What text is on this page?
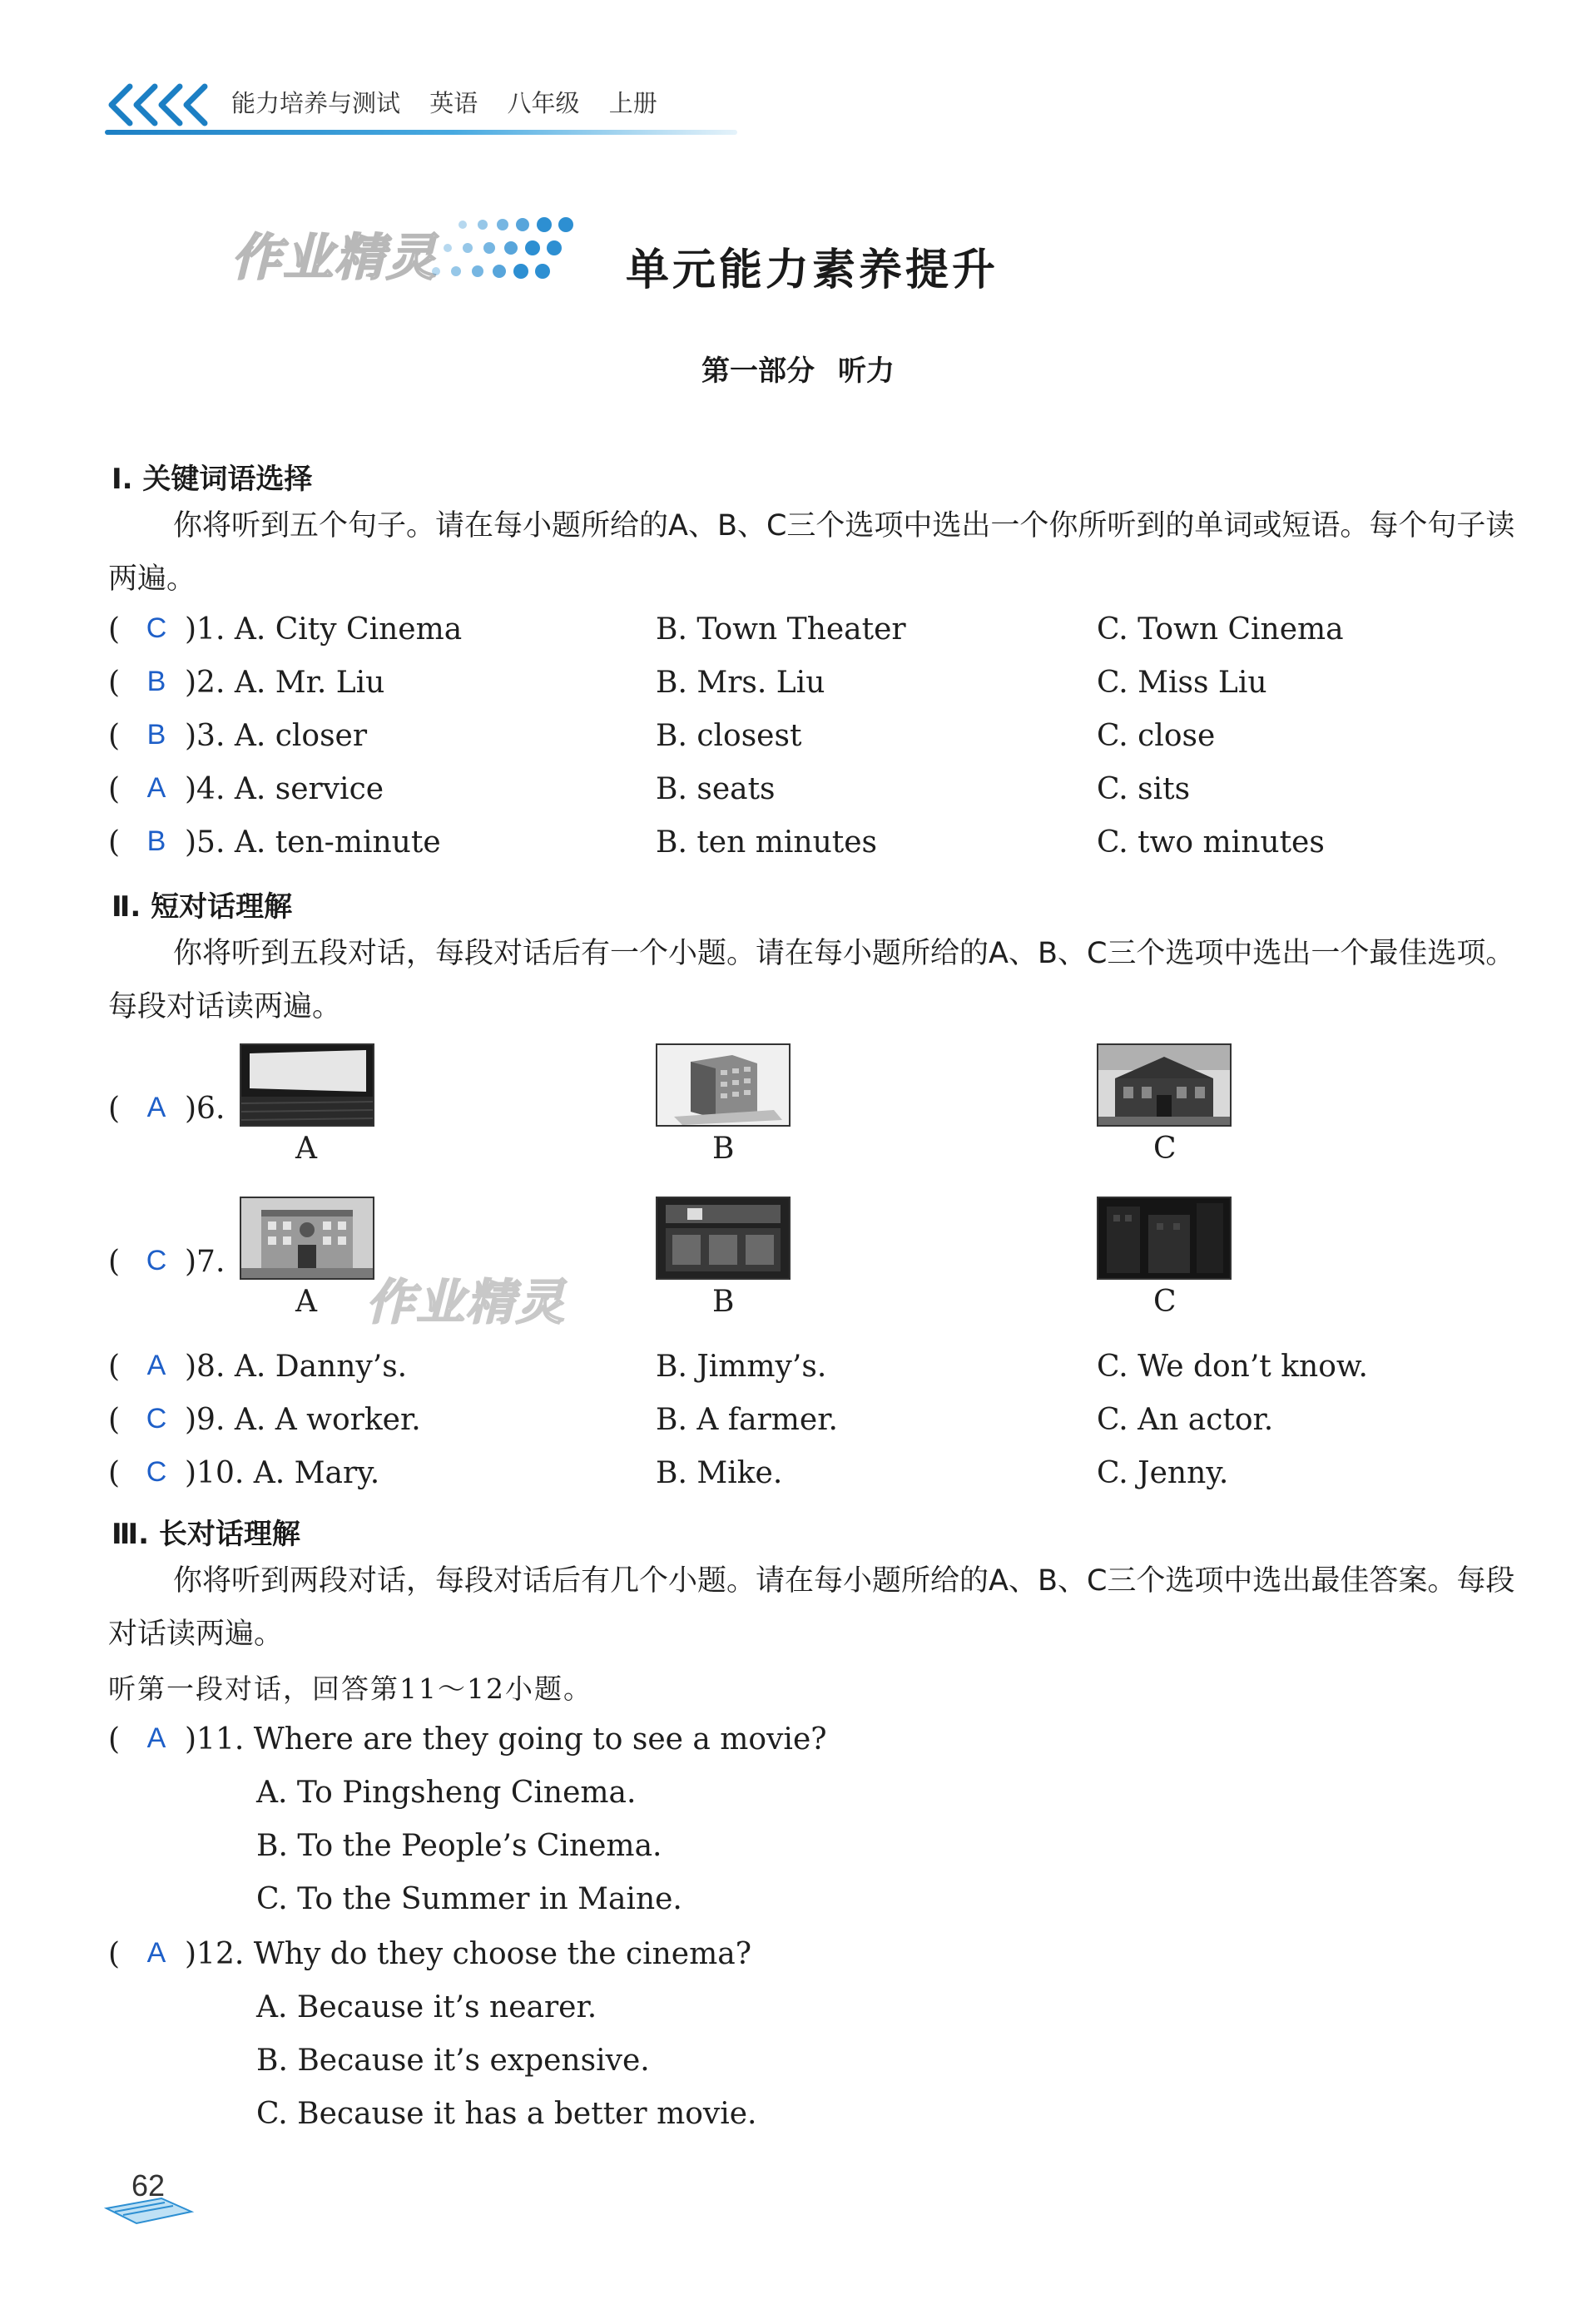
能力培养与测试 英语 八年级 上册
作业精灵	单元能力素养提升
第一部分 听力
Ⅰ. 关键词语选择
你将听到五个句子。请在每小题所给的A、B、C三个选项中选出一个你所听到的单词或短语。每个句子读两遍。
( C )1. A. City Cinema	B. Town Theater	C. Town Cinema
( B )2. A. Mr. Liu	B. Mrs. Liu	C. Miss Liu
( B )3. A. closer	B. closest	C. close
( A )4. A. service	B. seats	C. sits
( B )5. A. ten-minute	B. ten minutes	C. two minutes
Ⅱ. 短对话理解
你将听到五段对话，每段对话后有一个小题。请在每小题所给的A、B、C三个选项中选出一个最佳选项。每段对话读两遍。
( A )6.
A	B	C
( C )7.
A	B	C
作业精灵
( A )8. A. Danny’s.	B. Jimmy’s.	C. We don’t know.
( C )9. A. A worker.	B. A farmer.	C. An actor.
( C )10. A. Mary.	B. Mike.	C. Jenny.
Ⅲ. 长对话理解
你将听到两段对话，每段对话后有几个小题。请在每小题所给的A、B、C三个选项中选出最佳答案。每段对话读两遍。
听第一段对话，回答第11～12小题。
( A )11. Where are they going to see a movie?
A. To Pingsheng Cinema.
B. To the People’s Cinema.
C. To the Summer in Maine.
( A )12. Why do they choose the cinema?
A. Because it’s nearer.
B. Because it’s expensive.
C. Because it has a better movie.
62
